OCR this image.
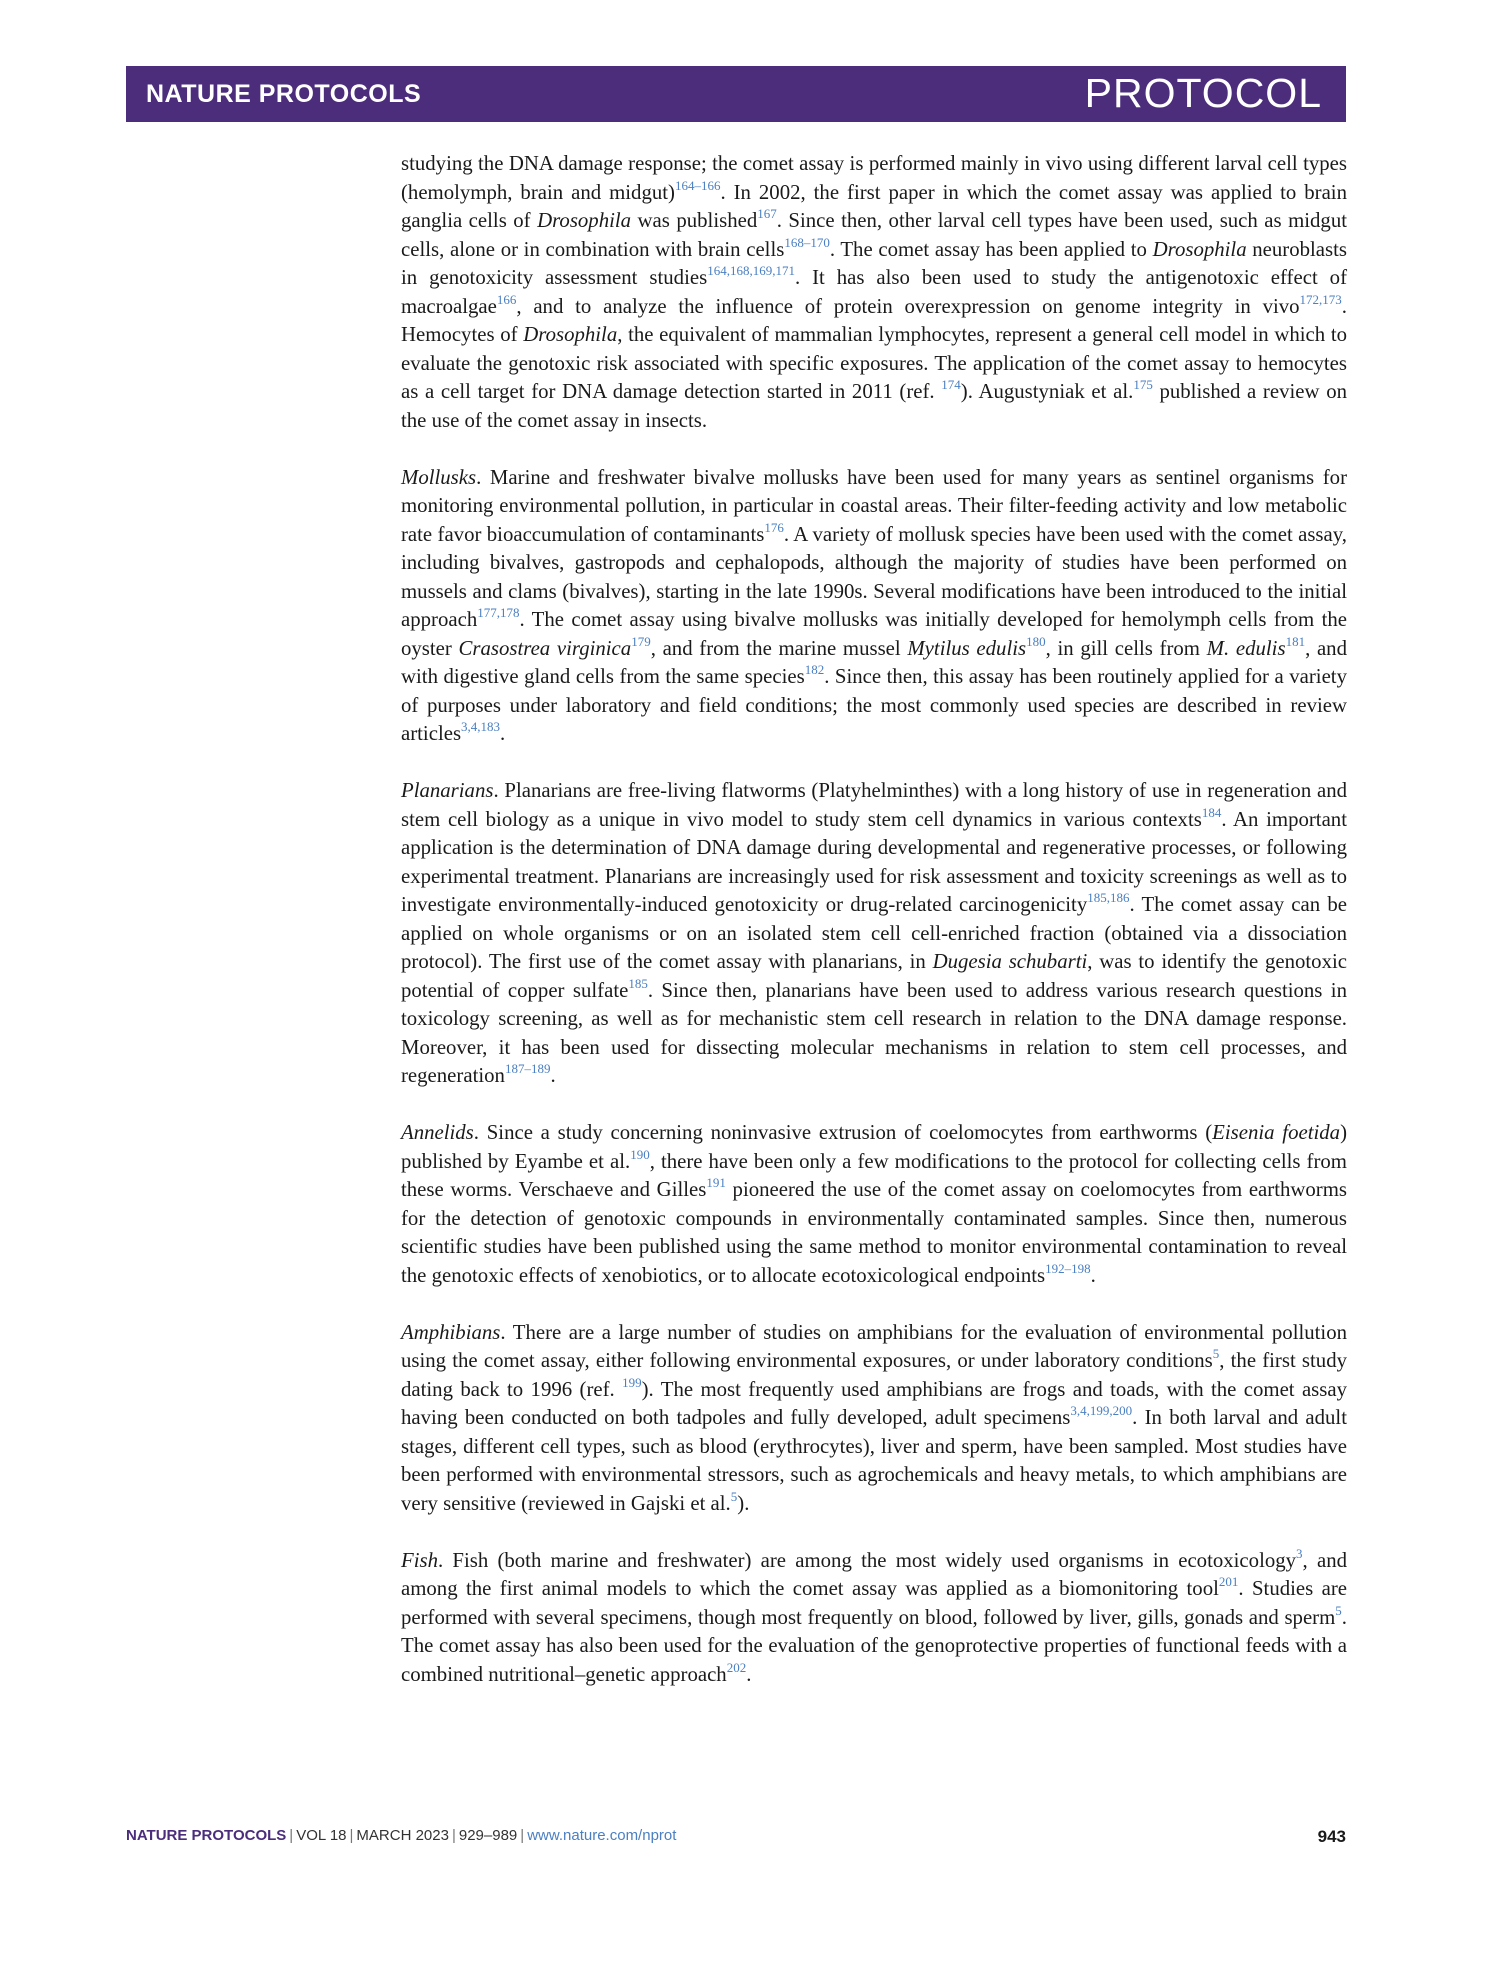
NATURE PROTOCOLS	PROTOCOL

studying the DNA damage response; the comet assay is performed mainly in vivo using different larval cell types (hemolymph, brain and midgut)$^{164-166}$. In 2002, the first paper in which the comet assay was applied to brain ganglia cells of Drosophila was published$^{167}$. Since then, other larval cell types have been used, such as midgut cells, alone or in combination with brain cells$^{168-170}$. The comet assay has been applied to Drosophila neuroblasts in genotoxicity assessment studies$^{164,168,169,171}$. It has also been used to study the antigenotoxic effect of macroalgae$^{166}$, and to analyze the influence of protein overexpression on genome integrity in vivo$^{172,173}$. Hemocytes of Drosophila, the equivalent of mammalian lymphocytes, represent a general cell model in which to evaluate the genotoxic risk associated with specific exposures. The application of the comet assay to hemocytes as a cell target for DNA damage detection started in 2011 (ref. $^{174}$). Augustyniak et al.$^{175}$ published a review on the use of the comet assay in insects.

Mollusks. Marine and freshwater bivalve mollusks have been used for many years as sentinel organisms for monitoring environmental pollution, in particular in coastal areas. Their filter-feeding activity and low metabolic rate favor bioaccumulation of contaminants$^{176}$. A variety of mollusk species have been used with the comet assay, including bivalves, gastropods and cephalopods, although the majority of studies have been performed on mussels and clams (bivalves), starting in the late 1990s. Several modifications have been introduced to the initial approach$^{177,178}$. The comet assay using bivalve mollusks was initially developed for hemolymph cells from the oyster Crasostrea virginica$^{179}$, and from the marine mussel Mytilus edulis$^{180}$, in gill cells from M. edulis$^{181}$, and with digestive gland cells from the same species$^{182}$. Since then, this assay has been routinely applied for a variety of purposes under laboratory and field conditions; the most commonly used species are described in review articles$^{3,4,183}$.

Planarians. Planarians are free-living flatworms (Platyhelminthes) with a long history of use in regeneration and stem cell biology as a unique in vivo model to study stem cell dynamics in various contexts$^{184}$. An important application is the determination of DNA damage during developmental and regenerative processes, or following experimental treatment. Planarians are increasingly used for risk assessment and toxicity screenings as well as to investigate environmentally-induced genotoxicity or drug-related carcinogenicity$^{185,186}$. The comet assay can be applied on whole organisms or on an isolated stem cell cell-enriched fraction (obtained via a dissociation protocol). The first use of the comet assay with planarians, in Dugesia schubarti, was to identify the genotoxic potential of copper sulfate$^{185}$. Since then, planarians have been used to address various research questions in toxicology screening, as well as for mechanistic stem cell research in relation to the DNA damage response. Moreover, it has been used for dissecting molecular mechanisms in relation to stem cell processes, and regeneration$^{187-189}$.

Annelids. Since a study concerning noninvasive extrusion of coelomocytes from earthworms (Eisenia foetida) published by Eyambe et al.$^{190}$, there have been only a few modifications to the protocol for collecting cells from these worms. Verschaeve and Gilles$^{191}$ pioneered the use of the comet assay on coelomocytes from earthworms for the detection of genotoxic compounds in environmentally contaminated samples. Since then, numerous scientific studies have been published using the same method to monitor environmental contamination to reveal the genotoxic effects of xenobiotics, or to allocate ecotoxicological endpoints$^{192-198}$.

Amphibians. There are a large number of studies on amphibians for the evaluation of environmental pollution using the comet assay, either following environmental exposures, or under laboratory conditions$^5$, the first study dating back to 1996 (ref. $^{199}$). The most frequently used amphibians are frogs and toads, with the comet assay having been conducted on both tadpoles and fully developed, adult specimens$^{3,4,199,200}$. In both larval and adult stages, different cell types, such as blood (erythrocytes), liver and sperm, have been sampled. Most studies have been performed with environmental stressors, such as agrochemicals and heavy metals, to which amphibians are very sensitive (reviewed in Gajski et al.$^5$).

Fish. Fish (both marine and freshwater) are among the most widely used organisms in ecotoxicology$^3$, and among the first animal models to which the comet assay was applied as a biomonitoring tool$^{201}$. Studies are performed with several specimens, though most frequently on blood, followed by liver, gills, gonads and sperm$^5$. The comet assay has also been used for the evaluation of the genoprotective properties of functional feeds with a combined nutritional–genetic approach$^{202}$.

NATURE PROTOCOLS | VOL 18 | MARCH 2023 | 929–989 | www.nature.com/nprot	943
